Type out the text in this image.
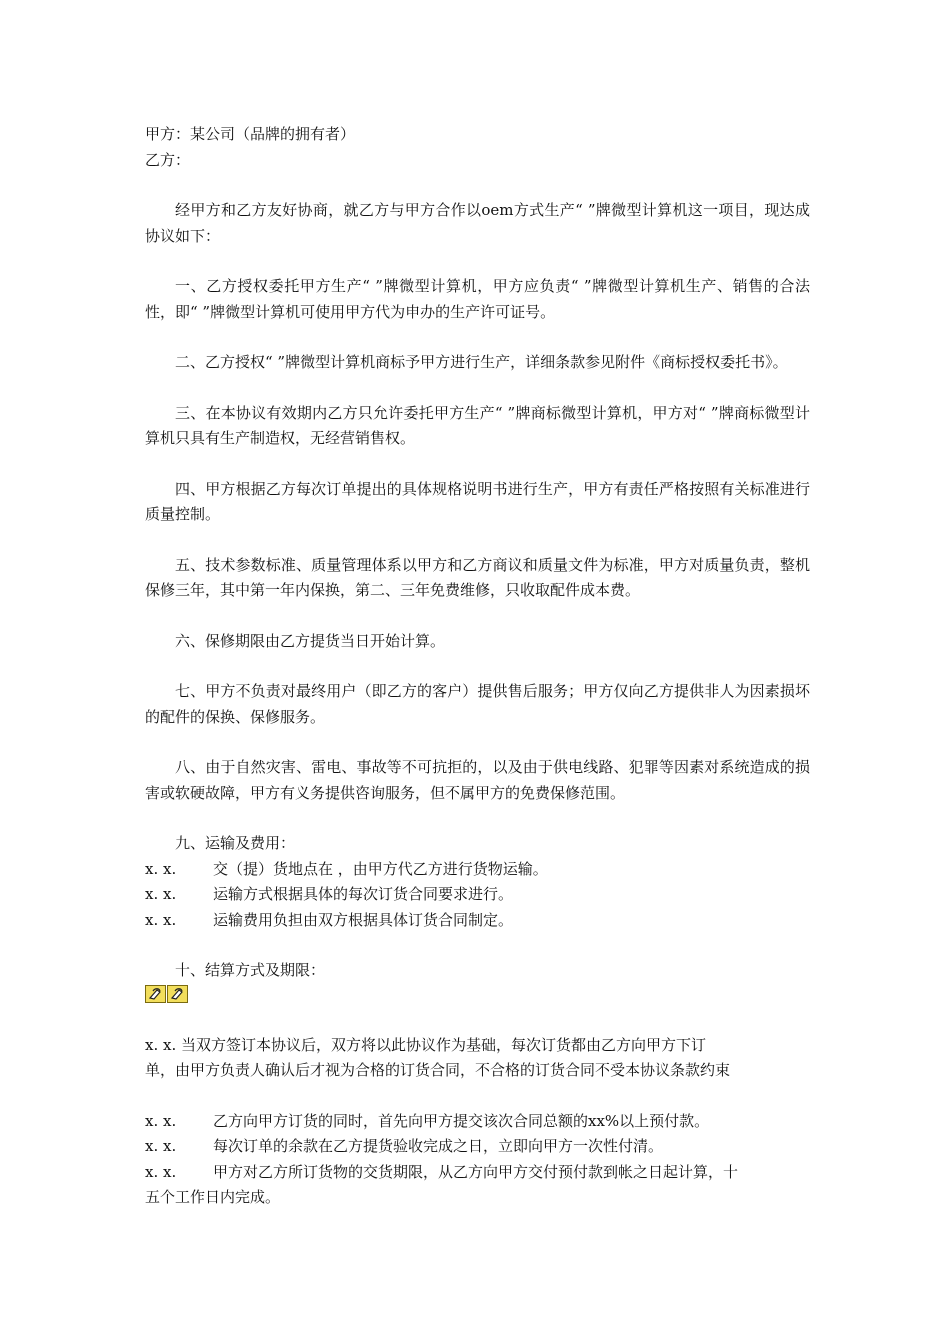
甲方：某公司（品牌的拥有者）
乙方：

经甲方和乙方友好协商，就乙方与甲方合作以oem方式生产“ ”牌微型计算机这一项目，现达成协议如下：

一、乙方授权委托甲方生产“ ”牌微型计算机，甲方应负责“ ”牌微型计算机生产、销售的合法性，即“ ”牌微型计算机可使用甲方代为申办的生产许可证号。

二、乙方授权“ ”牌微型计算机商标予甲方进行生产，详细条款参见附件《商标授权委托书》。

三、在本协议有效期内乙方只允许委托甲方生产“ ”牌商标微型计算机，甲方对“ ”牌商标微型计算机只具有生产制造权，无经营销售权。

四、甲方根据乙方每次订单提出的具体规格说明书进行生产，甲方有责任严格按照有关标准进行质量控制。

五、技术参数标准、质量管理体系以甲方和乙方商议和质量文件为标准，甲方对质量负责，整机保修三年，其中第一年内保换，第二、三年免费维修，只收取配件成本费。

六、保修期限由乙方提货当日开始计算。

七、甲方不负责对最终用户（即乙方的客户）提供售后服务；甲方仅向乙方提供非人为因素损坏的配件的保换、保修服务。

八、由于自然灾害、雷电、事故等不可抗拒的，以及由于供电线路、犯罪等因素对系统造成的损害或软硬故障，甲方有义务提供咨询服务，但不属甲方的免费保修范围。

九、运输及费用：

x. x. 交（提）货地点在 ，由甲方代乙方进行货物运输。
x. x. 运输方式根据具体的每次订货合同要求进行。
x. x. 运输费用负担由双方根据具体订货合同制定。

十、结算方式及期限：

x. x. 当双方签订本协议后，双方将以此协议作为基础，每次订货都由乙方向甲方下订
单，由甲方负责人确认后才视为合格的订货合同，不合格的订货合同不受本协议条款约束
x. x. 乙方向甲方订货的同时，首先向甲方提交该次合同总额的xx%以上预付款。
x. x. 每次订单的余款在乙方提货验收完成之日，立即向甲方一次性付清。
x. x. 甲方对乙方所订货物的交货期限，从乙方向甲方交付预付款到帐之日起计算，十
五个工作日内完成。
